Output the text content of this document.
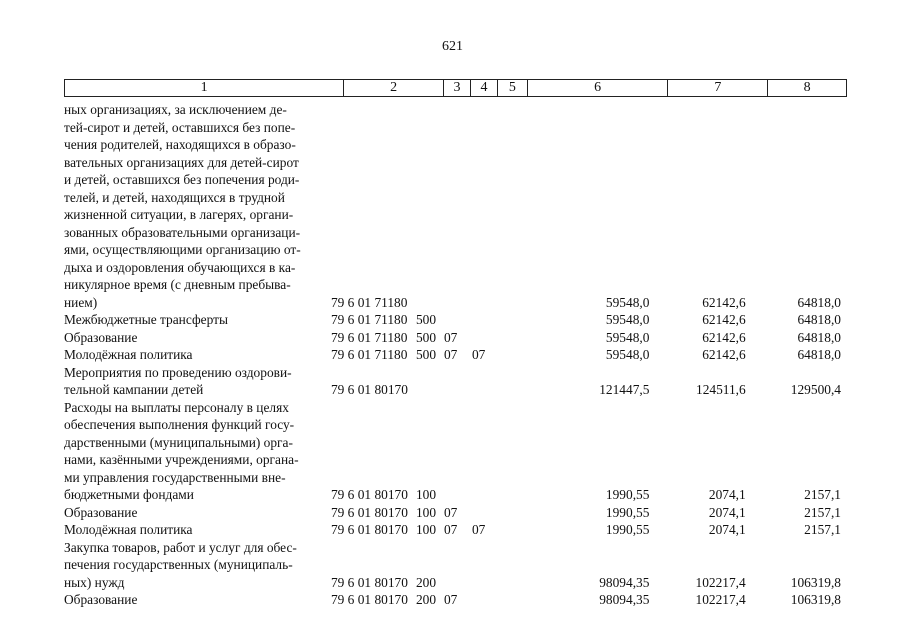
621
1	2	3	4	5	6	7	8
ных организациях, за исключением де-
тей-сирот и детей, оставшихся без попе-
чения родителей, находящихся в образо-
вательных организациях для детей-сирот
и детей, оставшихся без попечения роди-
телей, и детей, находящихся в трудной
жизненной ситуации, в лагерях, органи-
зованных образовательными организаци-
ями, осуществляющими организацию от-
дыха и оздоровления обучающихся в ка-
никулярное время (с дневным пребыва-
нием)	79 6 01 71180	59548,0	62142,6	64818,0
Межбюджетные трансферты	79 6 01 71180 500	59548,0	62142,6	64818,0
Образование	79 6 01 71180 500 07	59548,0	62142,6	64818,0
Молодёжная политика	79 6 01 71180 500 07	07	59548,0	62142,6	64818,0
Мероприятия по проведению оздорови-
тельной кампании детей	79 6 01 80170	121447,5	124511,6	129500,4
Расходы на выплаты персоналу в целях
обеспечения выполнения функций госу-
дарственными (муниципальными) орга-
нами, казёнными учреждениями, органа-
ми управления государственными вне-
бюджетными фондами	79 6 01 80170 100	1990,55	2074,1	2157,1
Образование	79 6 01 80170 100 07	1990,55	2074,1	2157,1
Молодёжная политика	79 6 01 80170 100 07	07	1990,55	2074,1	2157,1
Закупка товаров, работ и услуг для обес-
печения государственных (муниципаль-
ных) нужд	79 6 01 80170 200	98094,35	102217,4	106319,8
Образование	79 6 01 80170 200 07	98094,35	102217,4	106319,8
